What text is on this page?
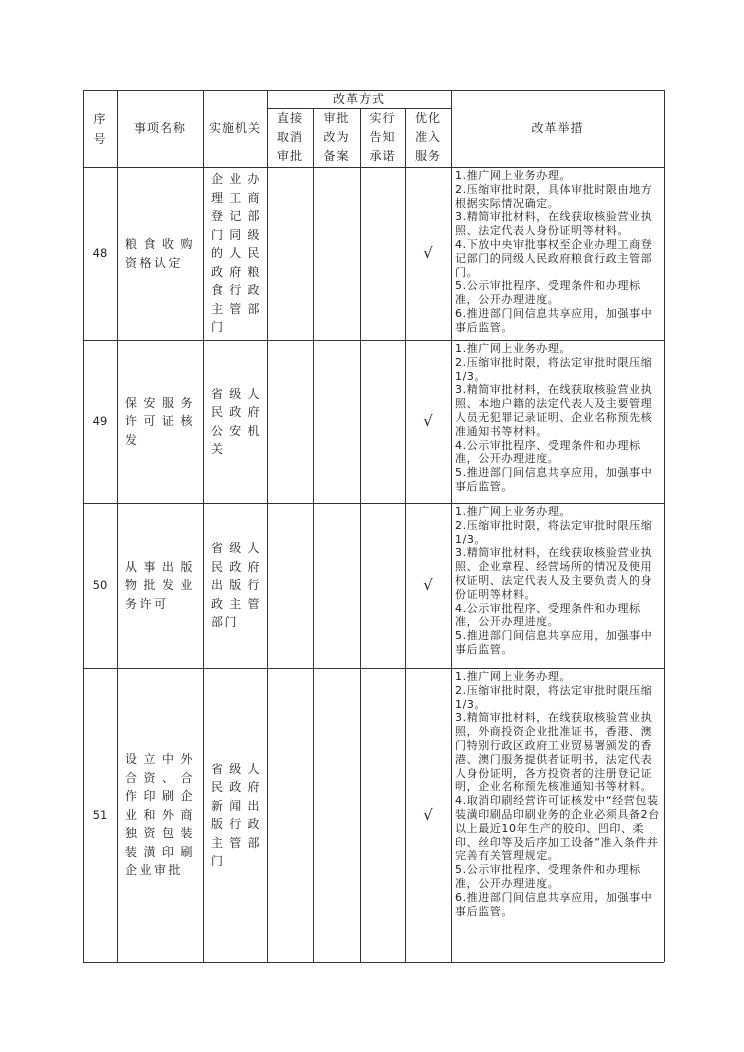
序
号
事项名称	实施机关
改革方式
直接
取消
审批
审批
改为
备案
实行
告知
承诺
优化
准入
服务
改革举措
48
粮食收购资格认定
企业办理工商登记部门同级的人民政府粮食行政主管部门
√
1.推广网上业务办理。
2.压缩审批时限，具体审批时限由地方根据实际情况确定。
3.精简审批材料，在线获取核验营业执照、法定代表人身份证明等材料。
4.下放中央审批事权至企业办理工商登记部门的同级人民政府粮食行政主管部门。
5.公示审批程序、受理条件和办理标准，公开办理进度。
6.推进部门间信息共享应用，加强事中事后监管。
49
保安服务许可证核发
省级人民政府公安机关
√
1.推广网上业务办理。
2.压缩审批时限，将法定审批时限压缩1/3。
3.精简审批材料，在线获取核验营业执照、本地户籍的法定代表人及主要管理人员无犯罪记录证明、企业名称预先核准通知书等材料。
4.公示审批程序、受理条件和办理标准，公开办理进度。
5.推进部门间信息共享应用，加强事中事后监管。
50
从事出版物批发业务许可
省级人民政府出版行政主管部门
√
1.推广网上业务办理。
2.压缩审批时限，将法定审批时限压缩1/3。
3.精简审批材料，在线获取核验营业执照、企业章程、经营场所的情况及使用权证明、法定代表人及主要负责人的身份证明等材料。
4.公示审批程序、受理条件和办理标准，公开办理进度。
5.推进部门间信息共享应用，加强事中事后监管。
51
设立中外合资、合作印刷企业和外商独资包装装潢印刷企业审批
省级人民政府新闻出版行政主管部门
√
1.推广网上业务办理。
2.压缩审批时限，将法定审批时限压缩1/3。
3.精简审批材料，在线获取核验营业执照，外商投资企业批准证书，香港、澳门特别行政区政府工业贸易署颁发的香港、澳门服务提供者证明书，法定代表人身份证明，各方投资者的注册登记证明，企业名称预先核准通知书等材料。
4.取消印刷经营许可证核发中“经营包装装潢印刷品印刷业务的企业必须具备2台以上最近10年生产的胶印、凹印、柔印、丝印等及后序加工设备”准入条件并完善有关管理规定。
5.公示审批程序、受理条件和办理标准，公开办理进度。
6.推进部门间信息共享应用，加强事中事后监管。
